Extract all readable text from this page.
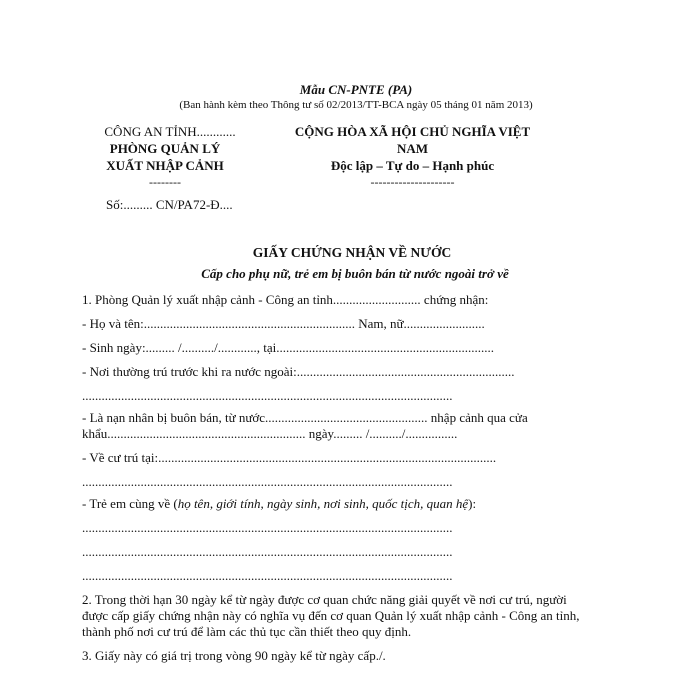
Mẫu CN-PNTE (PA)
(Ban hành kèm theo Thông tư số 02/2013/TT-BCA ngày 05 tháng 01 năm 2013)
CÔNG AN TỈNH............
PHÒNG QUẢN LÝ
XUẤT NHẬP CẢNH
--------
Số:......... CN/PA72-Đ....
CỘNG HÒA XÃ HỘI CHỦ NGHĨA VIỆT
NAM
Độc lập – Tự do – Hạnh phúc
---------------------
GIẤY CHỨNG NHẬN VỀ NƯỚC
Cấp cho phụ nữ, trẻ em bị buôn bán từ nước ngoài trở về
1. Phòng Quản lý xuất nhập cảnh - Công an tỉnh........................... chứng nhận:
- Họ và tên:................................................................. Nam, nữ.........................
- Sinh ngày:......... /........../............, tại...................................................................
- Nơi thường trú trước khi ra nước ngoài:...................................................................
..................................................................................................................
- Là nạn nhân bị buôn bán, từ nước.................................................. nhập cảnh qua cửa
khẩu............................................................. ngày......... /........../................
- Về cư trú tại:........................................................................................................
..................................................................................................................
- Trẻ em cùng về (họ tên, giới tính, ngày sinh, nơi sinh, quốc tịch, quan hệ):
..................................................................................................................
..................................................................................................................
..................................................................................................................
2. Trong thời hạn 30 ngày kể từ ngày được cơ quan chức năng giải quyết về nơi cư trú, người
được cấp giấy chứng nhận này có nghĩa vụ đến cơ quan Quản lý xuất nhập cảnh - Công an tỉnh,
thành phố nơi cư trú để làm các thủ tục cần thiết theo quy định.
3. Giấy này có giá trị trong vòng 90 ngày kể từ ngày cấp./.
